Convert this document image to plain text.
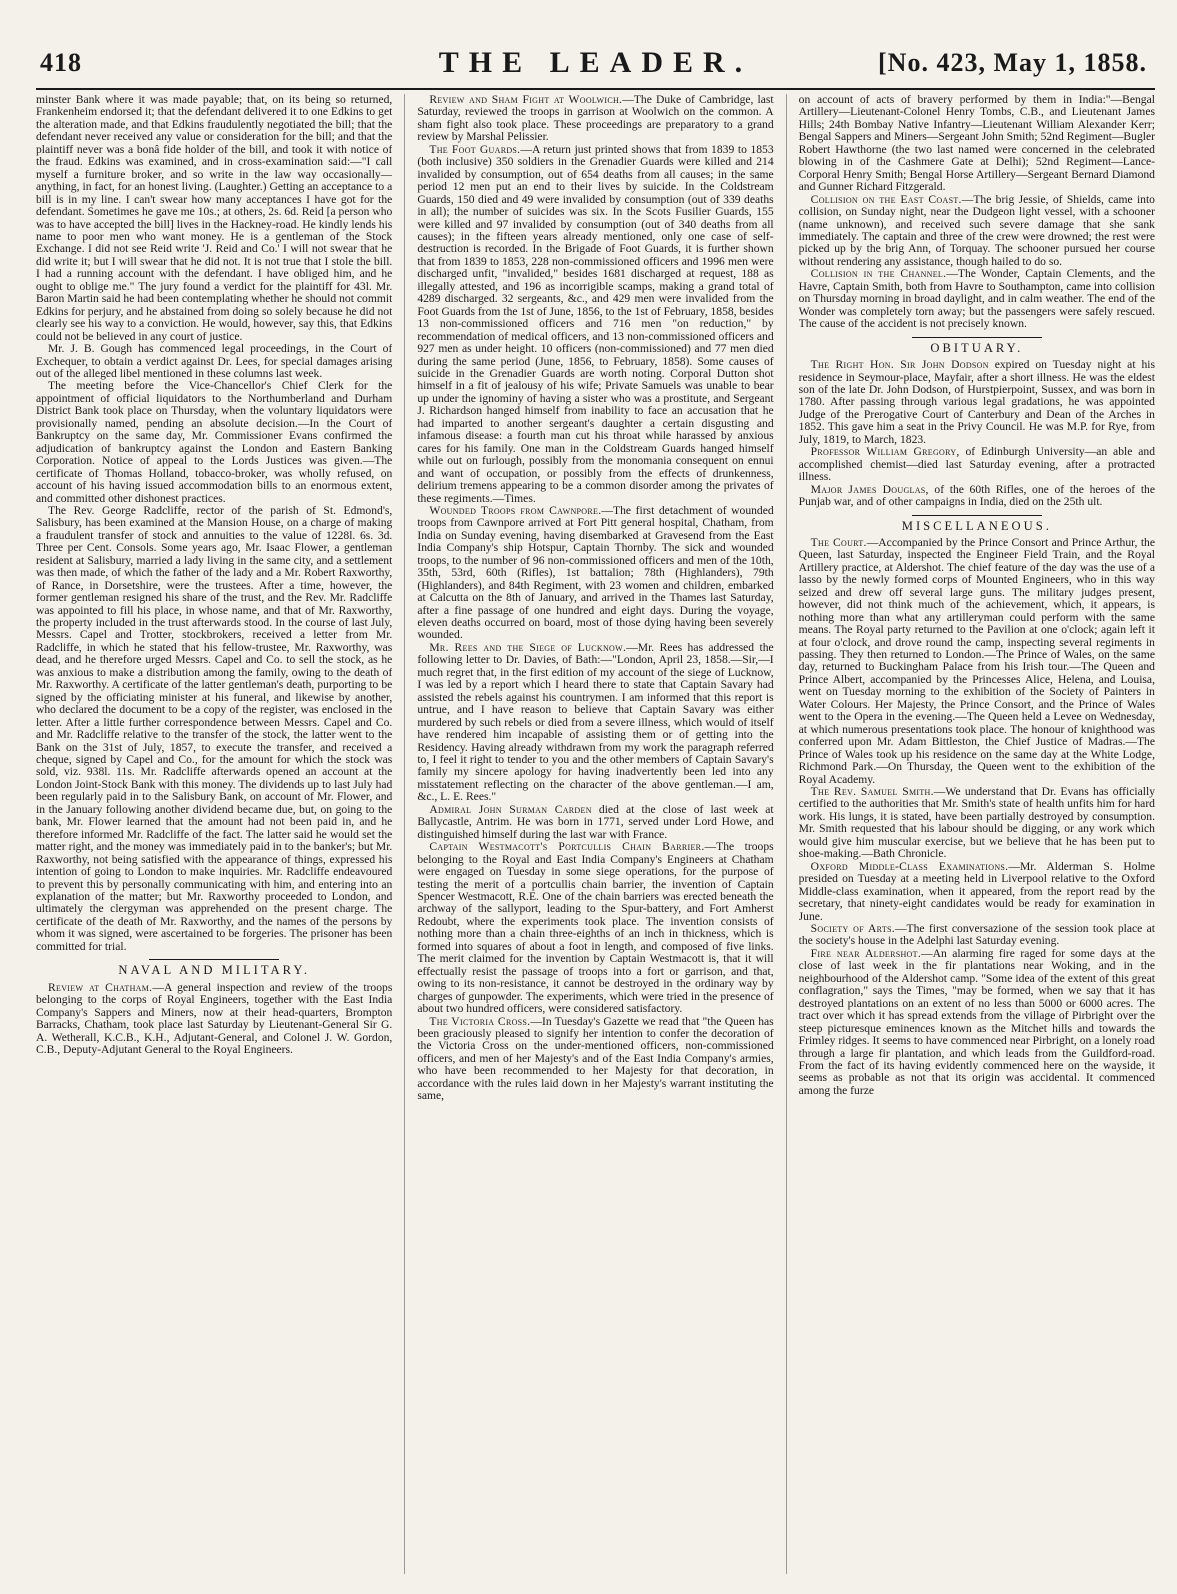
418	THE LEADER.	[No. 423, May 1, 1858.

minster Bank where it was made payable; that, on its being so returned, Frankenheim endorsed it; that the defendant delivered it to one Edkins to get the alteration made, and that Edkins fraudulently negotiated the bill; that the defendant never received any value or consideration for the bill; and that the plaintiff never was a bonâ fide holder of the bill, and took it with notice of the fraud. Edkins was examined, and in cross-examination said:—"I call myself a furniture broker, and so write in the law way occasionally—anything, in fact, for an honest living. (Laughter.) Getting an acceptance to a bill is in my line. I can't swear how many acceptances I have got for the defendant. Sometimes he gave me 10s.; at others, 2s. 6d. Reid [a person who was to have accepted the bill] lives in the Hackney-road. He kindly lends his name to poor men who want money. He is a gentleman of the Stock Exchange. I did not see Reid write 'J. Reid and Co.' I will not swear that he did write it; but I will swear that he did not. It is not true that I stole the bill. I had a running account with the defendant. I have obliged him, and he ought to oblige me." The jury found a verdict for the plaintiff for 43l. Mr. Baron Martin said he had been contemplating whether he should not commit Edkins for perjury, and he abstained from doing so solely because he did not clearly see his way to a conviction. He would, however, say this, that Edkins could not be believed in any court of justice.

Mr. J. B. Gough has commenced legal proceedings, in the Court of Exchequer, to obtain a verdict against Dr. Lees, for special damages arising out of the alleged libel mentioned in these columns last week.

The meeting before the Vice-Chancellor's Chief Clerk for the appointment of official liquidators to the Northumberland and Durham District Bank took place on Thursday, when the voluntary liquidators were provisionally named, pending an absolute decision.—In the Court of Bankruptcy on the same day, Mr. Commissioner Evans confirmed the adjudication of bankruptcy against the London and Eastern Banking Corporation. Notice of appeal to the Lords Justices was given.—The certificate of Thomas Holland, tobacco-broker, was wholly refused, on account of his having issued accommodation bills to an enormous extent, and committed other dishonest practices.

The Rev. George Radcliffe, rector of the parish of St. Edmond's, Salisbury, has been examined at the Mansion House, on a charge of making a fraudulent transfer of stock and annuities to the value of 1228l. 6s. 3d. Three per Cent. Consols. Some years ago, Mr. Isaac Flower, a gentleman resident at Salisbury, married a lady living in the same city, and a settlement was then made, of which the father of the lady and a Mr. Robert Raxworthy, of Rance, in Dorsetshire, were the trustees. After a time, however, the former gentleman resigned his share of the trust, and the Rev. Mr. Radcliffe was appointed to fill his place, in whose name, and that of Mr. Raxworthy, the property included in the trust afterwards stood. In the course of last July, Messrs. Capel and Trotter, stockbrokers, received a letter from Mr. Radcliffe, in which he stated that his fellow-trustee, Mr. Raxworthy, was dead, and he therefore urged Messrs. Capel and Co. to sell the stock, as he was anxious to make a distribution among the family, owing to the death of Mr. Raxworthy. A certificate of the latter gentleman's death, purporting to be signed by the officiating minister at his funeral, and likewise by another, who declared the document to be a copy of the register, was enclosed in the letter. After a little further correspondence between Messrs. Capel and Co. and Mr. Radcliffe relative to the transfer of the stock, the latter went to the Bank on the 31st of July, 1857, to execute the transfer, and received a cheque, signed by Capel and Co., for the amount for which the stock was sold, viz. 938l. 11s. Mr. Radcliffe afterwards opened an account at the London Joint-Stock Bank with this money. The dividends up to last July had been regularly paid in to the Salisbury Bank, on account of Mr. Flower, and in the January following another dividend became due, but, on going to the bank, Mr. Flower learned that the amount had not been paid in, and he therefore informed Mr. Radcliffe of the fact. The latter said he would set the matter right, and the money was immediately paid in to the banker's; but Mr. Raxworthy, not being satisfied with the appearance of things, expressed his intention of going to London to make inquiries. Mr. Radcliffe endeavoured to prevent this by personally communicating with him, and entering into an explanation of the matter; but Mr. Raxworthy proceeded to London, and ultimately the clergyman was apprehended on the present charge. The certificate of the death of Mr. Raxworthy, and the names of the persons by whom it was signed, were ascertained to be forgeries. The prisoner has been committed for trial.

NAVAL AND MILITARY.

Review at Chatham.—A general inspection and review of the troops belonging to the corps of Royal Engineers, together with the East India Company's Sappers and Miners, now at their head-quarters, Brompton Barracks, Chatham, took place last Saturday by Lieutenant-General Sir G. A. Wetherall, K.C.B., K.H., Adjutant-General, and Colonel J. W. Gordon, C.B., Deputy-Adjutant General to the Royal Engineers.

Review and Sham Fight at Woolwich.—The Duke of Cambridge, last Saturday, reviewed the troops in garrison at Woolwich on the common. A sham fight also took place. These proceedings are preparatory to a grand review by Marshal Pelissier.

The Foot Guards.—A return just printed shows that from 1839 to 1853 (both inclusive) 350 soldiers in the Grenadier Guards were killed and 214 invalided by consumption, out of 654 deaths from all causes; in the same period 12 men put an end to their lives by suicide. In the Coldstream Guards, 150 died and 49 were invalided by consumption (out of 339 deaths in all); the number of suicides was six. In the Scots Fusilier Guards, 155 were killed and 97 invalided by consumption (out of 340 deaths from all causes); in the fifteen years already mentioned, only one case of self-destruction is recorded. In the Brigade of Foot Guards, it is further shown that from 1839 to 1853, 228 non-commissioned officers and 1996 men were discharged unfit, "invalided," besides 1681 discharged at request, 188 as illegally attested, and 196 as incorrigible scamps, making a grand total of 4289 discharged. 32 sergeants, &c., and 429 men were invalided from the Foot Guards from the 1st of June, 1856, to the 1st of February, 1858, besides 13 non-commissioned officers and 716 men "on reduction," by recommendation of medical officers, and 13 non-commissioned officers and 927 men as under height. 10 officers (non-commissioned) and 77 men died during the same period (June, 1856, to February, 1858). Some causes of suicide in the Grenadier Guards are worth noting. Corporal Dutton shot himself in a fit of jealousy of his wife; Private Samuels was unable to bear up under the ignominy of having a sister who was a prostitute, and Sergeant J. Richardson hanged himself from inability to face an accusation that he had imparted to another sergeant's daughter a certain disgusting and infamous disease: a fourth man cut his throat while harassed by anxious cares for his family. One man in the Coldstream Guards hanged himself while out on furlough, possibly from the monomania consequent on ennui and want of occupation, or possibly from the effects of drunkenness, delirium tremens appearing to be a common disorder among the privates of these regiments.—Times.

Wounded Troops from Cawnpore.—The first detachment of wounded troops from Cawnpore arrived at Fort Pitt general hospital, Chatham, from India on Sunday evening, having disembarked at Gravesend from the East India Company's ship Hotspur, Captain Thornby. The sick and wounded troops, to the number of 96 non-commissioned officers and men of the 10th, 35th, 53rd, 60th (Rifles), 1st battalion; 78th (Highlanders), 79th (Highlanders), and 84th Regiment, with 23 women and children, embarked at Calcutta on the 8th of January, and arrived in the Thames last Saturday, after a fine passage of one hundred and eight days. During the voyage, eleven deaths occurred on board, most of those dying having been severely wounded.

Mr. Rees and the Siege of Lucknow.—Mr. Rees has addressed the following letter to Dr. Davies, of Bath:—"London, April 23, 1858.—Sir,—I much regret that, in the first edition of my account of the siege of Lucknow, I was led by a report which I heard there to state that Captain Savary had assisted the rebels against his countrymen. I am informed that this report is untrue, and I have reason to believe that Captain Savary was either murdered by such rebels or died from a severe illness, which would of itself have rendered him incapable of assisting them or of getting into the Residency. Having already withdrawn from my work the paragraph referred to, I feel it right to tender to you and the other members of Captain Savary's family my sincere apology for having inadvertently been led into any misstatement reflecting on the character of the above gentleman.—I am, &c., L. E. Rees."

Admiral John Surman Carden died at the close of last week at Ballycastle, Antrim. He was born in 1771, served under Lord Howe, and distinguished himself during the last war with France.

Captain Westmacott's Portcullis Chain Barrier.—The troops belonging to the Royal and East India Company's Engineers at Chatham were engaged on Tuesday in some siege operations, for the purpose of testing the merit of a portcullis chain barrier, the invention of Captain Spencer Westmacott, R.E. One of the chain barriers was erected beneath the archway of the sallyport, leading to the Spur-battery, and Fort Amherst Redoubt, where the experiments took place. The invention consists of nothing more than a chain three-eighths of an inch in thickness, which is formed into squares of about a foot in length, and composed of five links. The merit claimed for the invention by Captain Westmacott is, that it will effectually resist the passage of troops into a fort or garrison, and that, owing to its non-resistance, it cannot be destroyed in the ordinary way by charges of gunpowder. The experiments, which were tried in the presence of about two hundred officers, were considered satisfactory.

The Victoria Cross.—In Tuesday's Gazette we read that "the Queen has been graciously pleased to signify her intention to confer the decoration of the Victoria Cross on the under-mentioned officers, non-commissioned officers, and men of her Majesty's and of the East India Company's armies, who have been recommended to her Majesty for that decoration, in accordance with the rules laid down in her Majesty's warrant instituting the same,

on account of acts of bravery performed by them in India:"—Bengal Artillery—Lieutenant-Colonel Henry Tombs, C.B., and Lieutenant James Hills; 24th Bombay Native Infantry—Lieutenant William Alexander Kerr; Bengal Sappers and Miners—Sergeant John Smith; 52nd Regiment—Bugler Robert Hawthorne (the two last named were concerned in the celebrated blowing in of the Cashmere Gate at Delhi); 52nd Regiment—Lance-Corporal Henry Smith; Bengal Horse Artillery—Sergeant Bernard Diamond and Gunner Richard Fitzgerald.

Collision on the East Coast.—The brig Jessie, of Shields, came into collision, on Sunday night, near the Dudgeon light vessel, with a schooner (name unknown), and received such severe damage that she sank immediately. The captain and three of the crew were drowned; the rest were picked up by the brig Ann, of Torquay. The schooner pursued her course without rendering any assistance, though hailed to do so.

Collision in the Channel.—The Wonder, Captain Clements, and the Havre, Captain Smith, both from Havre to Southampton, came into collision on Thursday morning in broad daylight, and in calm weather. The end of the Wonder was completely torn away; but the passengers were safely rescued. The cause of the accident is not precisely known.

OBITUARY.

The Right Hon. Sir John Dodson expired on Tuesday night at his residence in Seymour-place, Mayfair, after a short illness. He was the eldest son of the late Dr. John Dodson, of Hurstpierpoint, Sussex, and was born in 1780. After passing through various legal gradations, he was appointed Judge of the Prerogative Court of Canterbury and Dean of the Arches in 1852. This gave him a seat in the Privy Council. He was M.P. for Rye, from July, 1819, to March, 1823.

Professor William Gregory, of Edinburgh University—an able and accomplished chemist—died last Saturday evening, after a protracted illness.

Major James Douglas, of the 60th Rifles, one of the heroes of the Punjab war, and of other campaigns in India, died on the 25th ult.

MISCELLANEOUS.

The Court.—Accompanied by the Prince Consort and Prince Arthur, the Queen, last Saturday, inspected the Engineer Field Train, and the Royal Artillery practice, at Aldershot. The chief feature of the day was the use of a lasso by the newly formed corps of Mounted Engineers, who in this way seized and drew off several large guns. The military judges present, however, did not think much of the achievement, which, it appears, is nothing more than what any artilleryman could perform with the same means. The Royal party returned to the Pavilion at one o'clock; again left it at four o'clock, and drove round the camp, inspecting several regiments in passing. They then returned to London.—The Prince of Wales, on the same day, returned to Buckingham Palace from his Irish tour.—The Queen and Prince Albert, accompanied by the Princesses Alice, Helena, and Louisa, went on Tuesday morning to the exhibition of the Society of Painters in Water Colours. Her Majesty, the Prince Consort, and the Prince of Wales went to the Opera in the evening.—The Queen held a Levee on Wednesday, at which numerous presentations took place. The honour of knighthood was conferred upon Mr. Adam Bittleston, the Chief Justice of Madras.—The Prince of Wales took up his residence on the same day at the White Lodge, Richmond Park.—On Thursday, the Queen went to the exhibition of the Royal Academy.

The Rev. Samuel Smith.—We understand that Dr. Evans has officially certified to the authorities that Mr. Smith's state of health unfits him for hard work. His lungs, it is stated, have been partially destroyed by consumption. Mr. Smith requested that his labour should be digging, or any work which would give him muscular exercise, but we believe that he has been put to shoe-making.—Bath Chronicle.

Oxford Middle-Class Examinations.—Mr. Alderman S. Holme presided on Tuesday at a meeting held in Liverpool relative to the Oxford Middle-class examination, when it appeared, from the report read by the secretary, that ninety-eight candidates would be ready for examination in June.

Society of Arts.—The first conversazione of the session took place at the society's house in the Adelphi last Saturday evening.

Fire near Aldershot.—An alarming fire raged for some days at the close of last week in the fir plantations near Woking, and in the neighbourhood of the Aldershot camp. "Some idea of the extent of this great conflagration," says the Times, "may be formed, when we say that it has destroyed plantations on an extent of no less than 5000 or 6000 acres. The tract over which it has spread extends from the village of Pirbright over the steep picturesque eminences known as the Mitchet hills and towards the Frimley ridges. It seems to have commenced near Pirbright, on a lonely road through a large fir plantation, and which leads from the Guildford-road. From the fact of its having evidently commenced here on the wayside, it seems as probable as not that its origin was accidental. It commenced among the furze
